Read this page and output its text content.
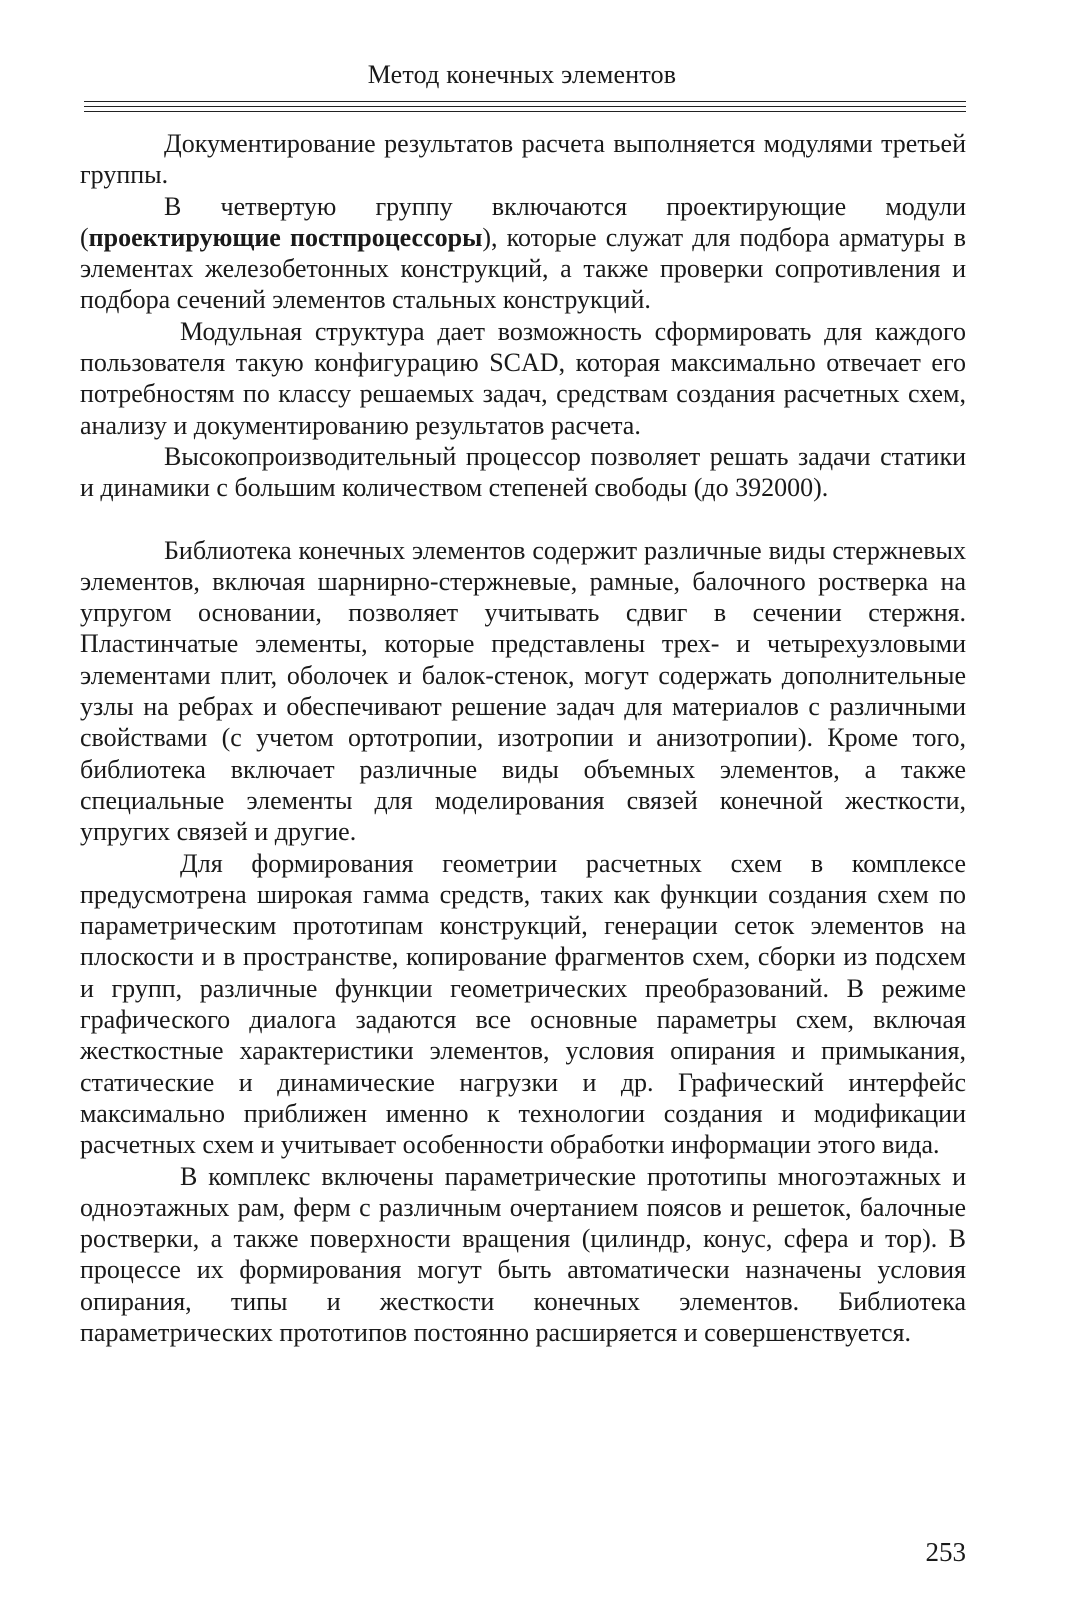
Метод конечных элементов

Документирование результатов расчета выполняется модулями третьей группы.

В четвертую группу включаются проектирующие модули (проектирующие постпроцессоры), которые служат для подбора арматуры в элементах железобетонных конструкций, а также проверки сопротивления и подбора сечений элементов стальных конструкций.

Модульная структура дает возможность сформировать для каждого пользователя такую конфигурацию SCAD, которая максимально отвечает его потребностям по классу решаемых задач, средствам создания расчетных схем, анализу и документированию результатов расчета.

Высокопроизводительный процессор позволяет решать задачи статики и динамики с большим количеством степеней свободы (до 392000).

Библиотека конечных элементов содержит различные виды стержневых элементов, включая шарнирно-стержневые, рамные, балочного ростверка на упругом основании, позволяет учитывать сдвиг в сечении стержня. Пластинчатые элементы, которые представлены трех- и четырехузловыми элементами плит, оболочек и балок-стенок, могут содержать дополнительные узлы на ребрах и обеспечивают решение задач для материалов с различными свойствами (с учетом ортотропии, изотропии и анизотропии). Кроме того, библиотека включает различные виды объемных элементов, а также специальные элементы для моделирования связей конечной жесткости, упругих связей и другие.

Для формирования геометрии расчетных схем в комплексе предусмотрена широкая гамма средств, таких как функции создания схем по параметрическим прототипам конструкций, генерации сеток элементов на плоскости и в пространстве, копирование фрагментов схем, сборки из подсхем и групп, различные функции геометрических преобразований. В режиме графического диалога задаются все основные параметры схем, включая жесткостные характеристики элементов, условия опирания и примыкания, статические и динамические нагрузки и др. Графический интерфейс максимально приближен именно к технологии создания и модификации расчетных схем и учитывает особенности обработки информации этого вида.

В комплекс включены параметрические прототипы многоэтажных и одноэтажных рам, ферм с различным очертанием поясов и решеток, балочные ростверки, а также поверхности вращения (цилиндр, конус, сфера и тор). В процессе их формирования могут быть автоматически назначены условия опирания, типы и жесткости конечных элементов. Библиотека параметрических прототипов постоянно расширяется и совершенствуется.

253
